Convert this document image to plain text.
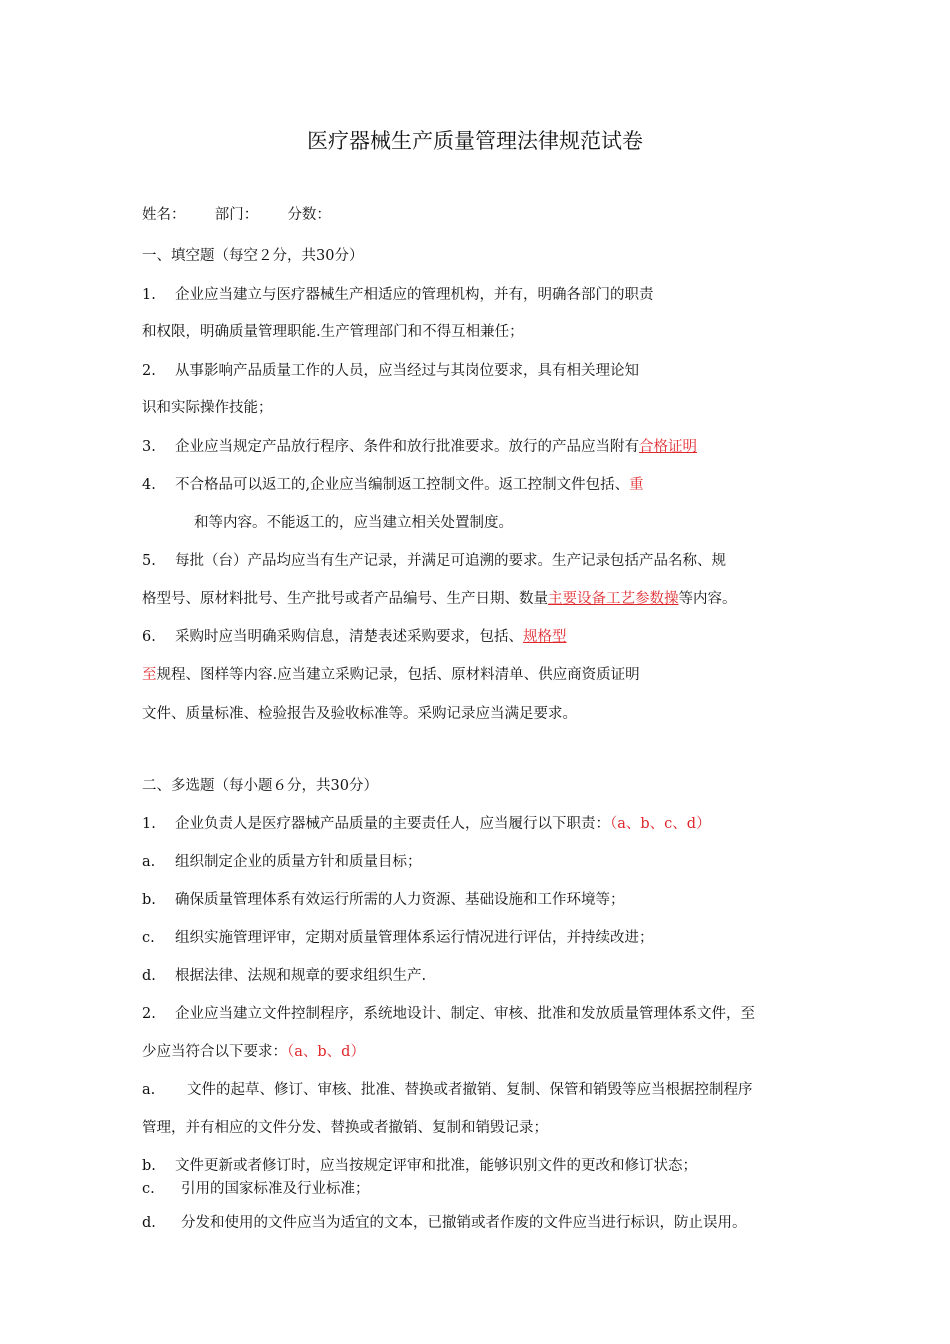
医疗器械生产质量管理法律规范试卷
姓名： 部门： 分数：
一、填空题（每空２分，共30分）
1. 企业应当建立与医疗器械生产相适应的管理机构，并有，明确各部门的职责
和权限，明确质量管理职能.生产管理部门和不得互相兼任；
2. 从事影响产品质量工作的人员，应当经过与其岗位要求，具有相关理论知
识和实际操作技能；
3. 企业应当规定产品放行程序、条件和放行批准要求。放行的产品应当附有合格证明
4. 不合格品可以返工的,企业应当编制返工控制文件。返工控制文件包括、重
和等内容。不能返工的，应当建立相关处置制度。
5. 每批（台）产品均应当有生产记录，并满足可追溯的要求。生产记录包括产品名称、规
格型号、原材料批号、生产批号或者产品编号、生产日期、数量主要设备工艺参数操等内容。
6. 采购时应当明确采购信息，清楚表述采购要求，包括、规格型
至规程、图样等内容.应当建立采购记录，包括、原材料清单、供应商资质证明
文件、质量标准、检验报告及验收标准等。采购记录应当满足要求。
二、多选题（每小题６分，共30分）
1. 企业负责人是医疗器械产品质量的主要责任人，应当履行以下职责：（a、b、c、d）
a. 组织制定企业的质量方针和质量目标；
b. 确保质量管理体系有效运行所需的人力资源、基础设施和工作环境等；
c. 组织实施管理评审，定期对质量管理体系运行情况进行评估，并持续改进；
d. 根据法律、法规和规章的要求组织生产.
2. 企业应当建立文件控制程序，系统地设计、制定、审核、批准和发放质量管理体系文件，至
少应当符合以下要求：（a、b、d）
a. 文件的起草、修订、审核、批准、替换或者撤销、复制、保管和销毁等应当根据控制程序
管理，并有相应的文件分发、替换或者撤销、复制和销毁记录；
b. 文件更新或者修订时，应当按规定评审和批准，能够识别文件的更改和修订状态；
c. 引用的国家标准及行业标准；
d. 分发和使用的文件应当为适宜的文本，已撤销或者作废的文件应当进行标识，防止误用。
